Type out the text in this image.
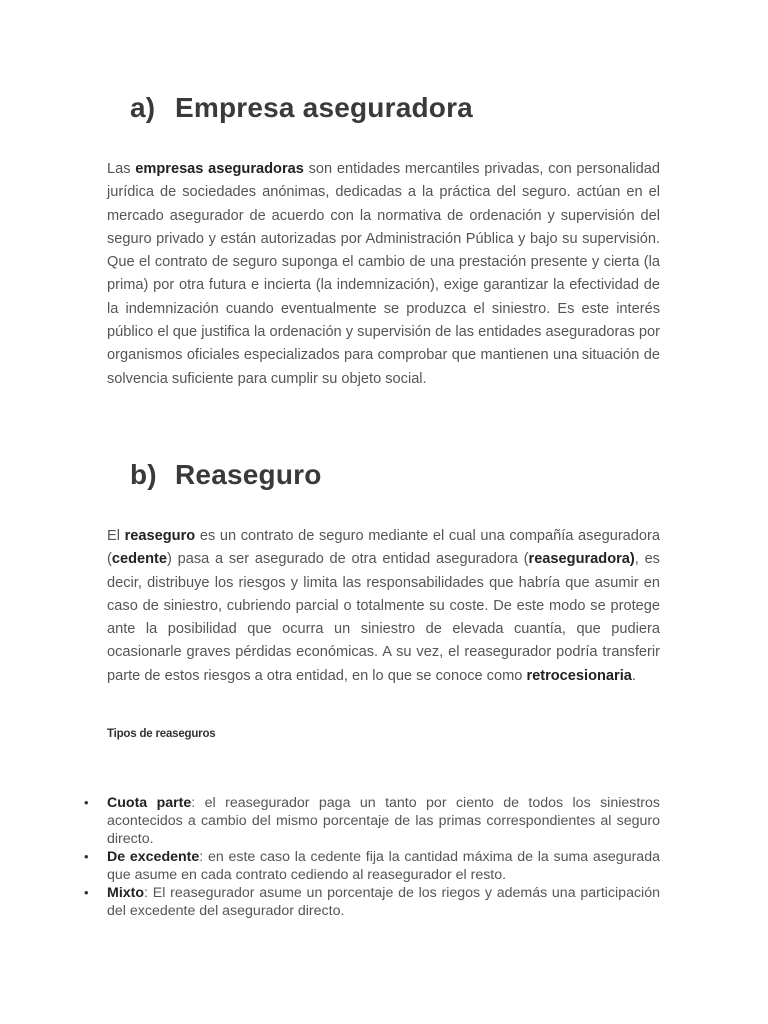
a) Empresa aseguradora

Las empresas aseguradoras son entidades mercantiles privadas, con personalidad jurídica de sociedades anónimas, dedicadas a la práctica del seguro. actúan en el mercado asegurador de acuerdo con la normativa de ordenación y supervisión del seguro privado y están autorizadas por Administración Pública y bajo su supervisión. Que el contrato de seguro suponga el cambio de una prestación presente y cierta (la prima) por otra futura e incierta (la indemnización), exige garantizar la efectividad de la indemnización cuando eventualmente se produzca el siniestro. Es este interés público el que justifica la ordenación y supervisión de las entidades aseguradoras por organismos oficiales especializados para comprobar que mantienen una situación de solvencia suficiente para cumplir su objeto social.

b) Reaseguro

El reaseguro es un contrato de seguro mediante el cual una compañía aseguradora (cedente) pasa a ser asegurado de otra entidad aseguradora (reaseguradora), es decir, distribuye los riesgos y limita las responsabilidades que habría que asumir en caso de siniestro, cubriendo parcial o totalmente su coste. De este modo se protege ante la posibilidad que ocurra un siniestro de elevada cuantía, que pudiera ocasionarle graves pérdidas económicas. A su vez, el reasegurador podría transferir parte de estos riesgos a otra entidad, en lo que se conoce como retrocesionaria.

Tipos de reaseguros

• Cuota parte: el reasegurador paga un tanto por ciento de todos los siniestros acontecidos a cambio del mismo porcentaje de las primas correspondientes al seguro directo.
• De excedente: en este caso la cedente fija la cantidad máxima de la suma asegurada que asume en cada contrato cediendo al reasegurador el resto.
• Mixto: El reasegurador asume un porcentaje de los riegos y además una participación del excedente del asegurador directo.
